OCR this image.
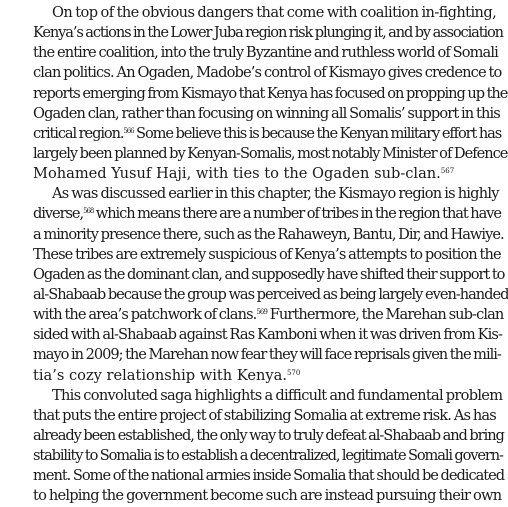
On top of the obvious dangers that come with coalition in-fighting,
Kenya’s actions in the Lower Juba region risk plunging it, and by association
the entire coalition, into the truly Byzantine and ruthless world of Somali
clan politics. An Ogaden, Madobe’s control of Kismayo gives credence to
reports emerging from Kismayo that Kenya has focused on propping up the
Ogaden clan, rather than focusing on winning all Somalis’ support in this
critical region.$^{566}$ Some believe this is because the Kenyan military effort has
largely been planned by Kenyan-Somalis, most notably Minister of Defence
Mohamed Yusuf Haji, with ties to the Ogaden sub-clan.$^{567}$
As was discussed earlier in this chapter, the Kismayo region is highly
diverse,$^{568}$ which means there are a number of tribes in the region that have
a minority presence there, such as the Rahaweyn, Bantu, Dir, and Hawiye.
These tribes are extremely suspicious of Kenya’s attempts to position the
Ogaden as the dominant clan, and supposedly have shifted their support to
al-Shabaab because the group was perceived as being largely even-handed
with the area’s patchwork of clans.$^{569}$ Furthermore, the Marehan sub-clan
sided with al-Shabaab against Ras Kamboni when it was driven from Kis-
mayo in 2009; the Marehan now fear they will face reprisals given the mili-
tia’s cozy relationship with Kenya.$^{570}$
This convoluted saga highlights a difficult and fundamental problem
that puts the entire project of stabilizing Somalia at extreme risk. As has
already been established, the only way to truly defeat al-Shabaab and bring
stability to Somalia is to establish a decentralized, legitimate Somali govern-
ment. Some of the national armies inside Somalia that should be dedicated
to helping the government become such are instead pursuing their own
